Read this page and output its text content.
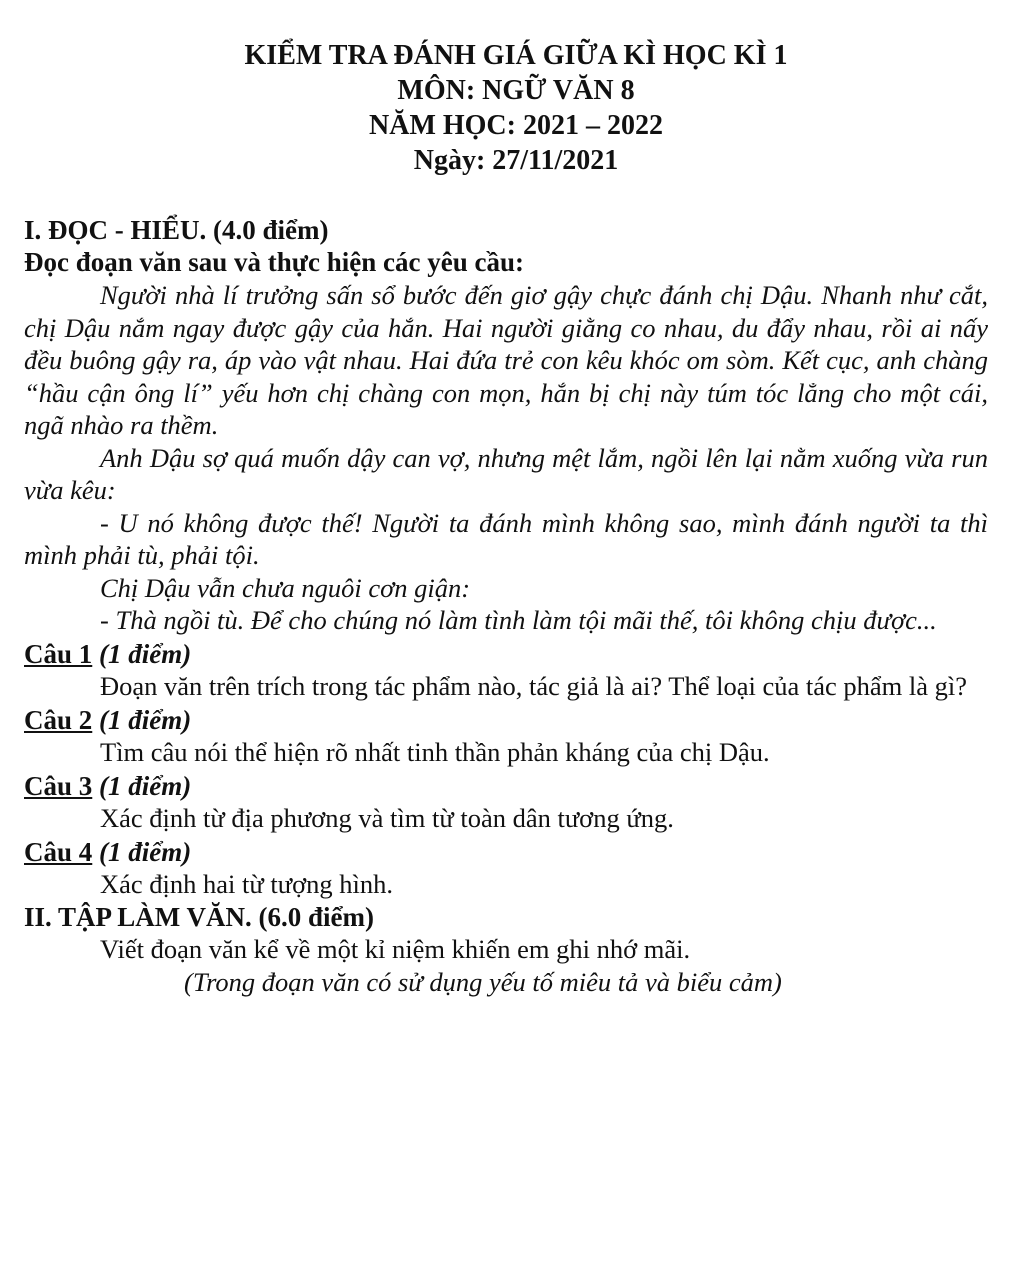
KIỂM TRA ĐÁNH GIÁ GIỮA KÌ HỌC KÌ 1
MÔN: NGỮ VĂN 8
NĂM HỌC: 2021 – 2022
Ngày: 27/11/2021
I. ĐỌC - HIỂU. (4.0 điểm)
Đọc đoạn văn sau và thực hiện các yêu cầu:

Người nhà lí trưởng sấn sổ bước đến giơ gậy chực đánh chị Dậu. Nhanh như cắt, chị Dậu nắm ngay được gậy của hắn. Hai người giằng co nhau, du đẩy nhau, rồi ai nấy đều buông gậy ra, áp vào vật nhau. Hai đứa trẻ con kêu khóc om sòm. Kết cục, anh chàng “hầu cận ông lí” yếu hơn chị chàng con mọn, hắn bị chị này túm tóc lẳng cho một cái, ngã nhào ra thềm.

Anh Dậu sợ quá muốn dậy can vợ, nhưng mệt lắm, ngồi lên lại nằm xuống vừa run vừa kêu:

- U nó không được thế! Người ta đánh mình không sao, mình đánh người ta thì mình phải tù, phải tội.

Chị Dậu vẫn chưa nguôi cơn giận:

- Thà ngồi tù. Để cho chúng nó làm tình làm tội mãi thế, tôi không chịu được...

Câu 1 (1 điểm)
Đoạn văn trên trích trong tác phẩm nào, tác giả là ai? Thể loại của tác phẩm là gì?
Câu 2 (1 điểm)
Tìm câu nói thể hiện rõ nhất tinh thần phản kháng của chị Dậu.
Câu 3 (1 điểm)
Xác định từ địa phương và tìm từ toàn dân tương ứng.
Câu 4 (1 điểm)
Xác định hai từ tượng hình.
II. TẬP LÀM VĂN. (6.0 điểm)
Viết đoạn văn kể về một kỉ niệm khiến em ghi nhớ mãi.
(Trong đoạn văn có sử dụng yếu tố miêu tả và biểu cảm)
